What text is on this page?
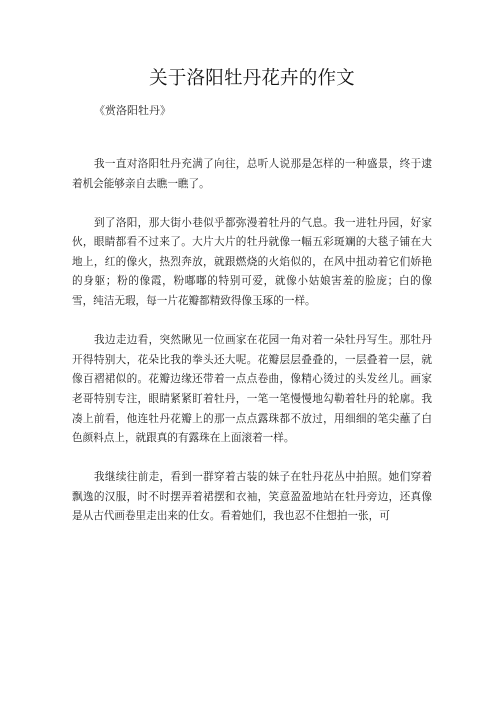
关于洛阳牡丹花卉的作文

《赏洛阳牡丹》

我一直对洛阳牡丹充满了向往，总听人说那是怎样的一种盛景，终于逮着机会能够亲自去瞧一瞧了。

到了洛阳，那大街小巷似乎都弥漫着牡丹的气息。我一进牡丹园，好家伙，眼睛都看不过来了。大片大片的牡丹就像一幅五彩斑斓的大毯子铺在大地上，红的像火，热烈奔放，就跟燃烧的火焰似的，在风中扭动着它们娇艳的身躯；粉的像霞，粉嘟嘟的特别可爱，就像小姑娘害羞的脸庞；白的像雪，纯洁无瑕，每一片花瓣都精致得像玉琢的一样。

我边走边看，突然瞅见一位画家在花园一角对着一朵牡丹写生。那牡丹开得特别大，花朵比我的拳头还大呢。花瓣层层叠叠的，一层叠着一层，就像百褶裙似的。花瓣边缘还带着一点点卷曲，像精心烫过的头发丝儿。画家老哥特别专注，眼睛紧紧盯着牡丹，一笔一笔慢慢地勾勒着牡丹的轮廓。我凑上前看，他连牡丹花瓣上的那一点点露珠都不放过，用细细的笔尖蘸了白色颜料点上，就跟真的有露珠在上面滚着一样。

我继续往前走，看到一群穿着古装的妹子在牡丹花丛中拍照。她们穿着飘逸的汉服，时不时摆弄着裙摆和衣袖，笑意盈盈地站在牡丹旁边，还真像是从古代画卷里走出来的仕女。看着她们，我也忍不住想拍一张，可
